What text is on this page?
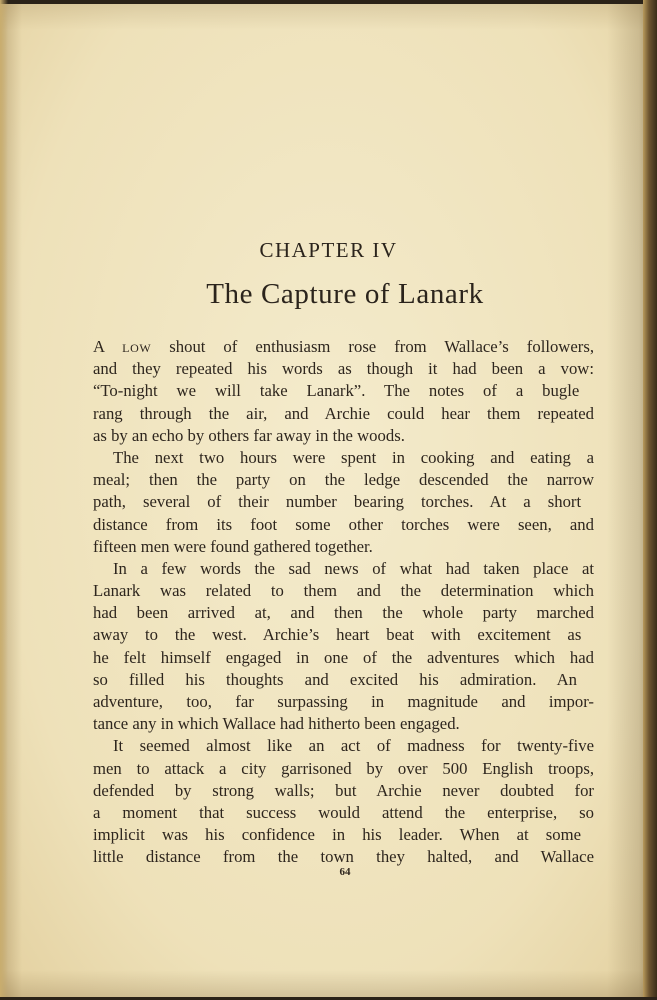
CHAPTER IV
The Capture of Lanark
A low shout of enthusiasm rose from Wallace’s followers,
and they repeated his words as though it had been a vow:
“To-night we will take Lanark”. The notes of a bugle
rang through the air, and Archie could hear them repeated
as by an echo by others far away in the woods.
The next two hours were spent in cooking and eating a
meal; then the party on the ledge descended the narrow
path, several of their number bearing torches. At a short
distance from its foot some other torches were seen, and
fifteen men were found gathered together.
In a few words the sad news of what had taken place at
Lanark was related to them and the determination which
had been arrived at, and then the whole party marched
away to the west. Archie’s heart beat with excitement as
he felt himself engaged in one of the adventures which had
so filled his thoughts and excited his admiration. An
adventure, too, far surpassing in magnitude and impor-
tance any in which Wallace had hitherto been engaged.
It seemed almost like an act of madness for twenty-five
men to attack a city garrisoned by over 500 English troops,
defended by strong walls; but Archie never doubted for
a moment that success would attend the enterprise, so
implicit was his confidence in his leader. When at some
little distance from the town they halted, and Wallace
64
